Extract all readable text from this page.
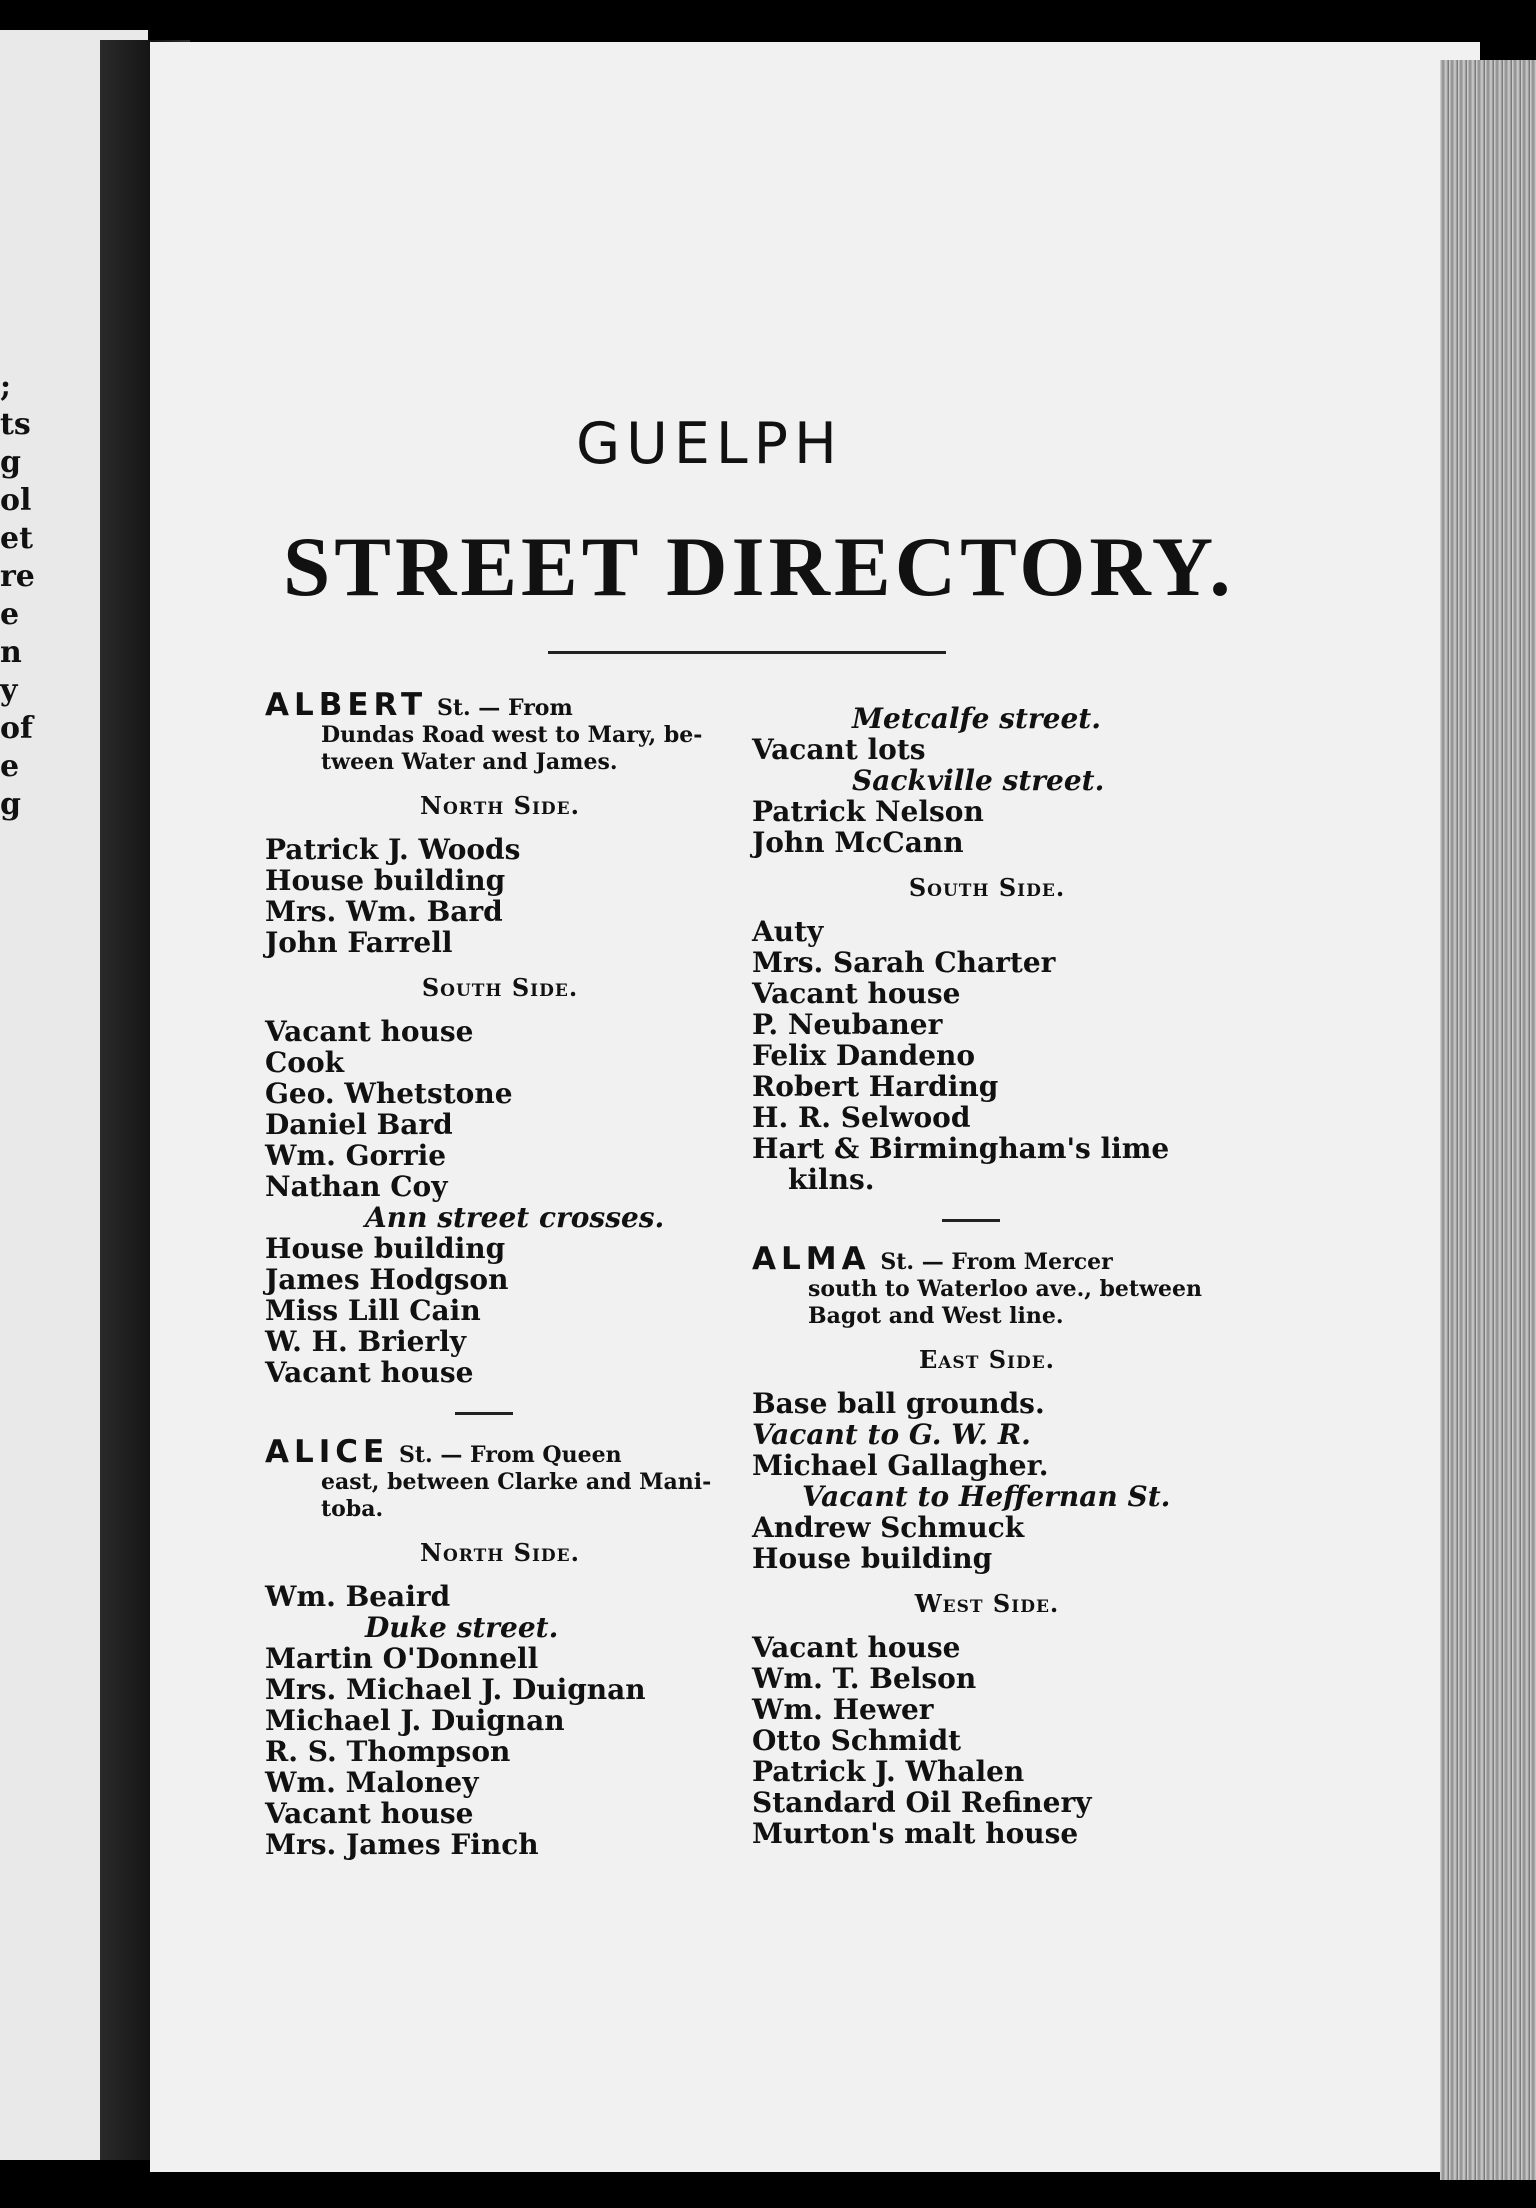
;
ts
g
ol
et
re
e
n
y
of
e
g
GUELPH
STREET DIRECTORY.
ALBERT St. — From
Dundas Road west to Mary, be-
tween Water and James.
North Side.
Patrick J. Woods
House building
Mrs. Wm. Bard
John Farrell
South Side.
Vacant house
Cook
Geo. Whetstone
Daniel Bard
Wm. Gorrie
Nathan Coy
Ann street crosses.
House building
James Hodgson
Miss Lill Cain
W. H. Brierly
Vacant house
ALICE St. — From Queen
east, between Clarke and Mani-
toba.
North Side.
Wm. Beaird
Duke street.
Martin O'Donnell
Mrs. Michael J. Duignan
Michael J. Duignan
R. S. Thompson
Wm. Maloney
Vacant house
Mrs. James Finch
Metcalfe street.
Vacant lots
Sackville street.
Patrick Nelson
John McCann
South Side.
Auty
Mrs. Sarah Charter
Vacant house
P. Neubaner
Felix Dandeno
Robert Harding
H. R. Selwood
Hart & Birmingham's lime
kilns.
ALMA St. — From Mercer
south to Waterloo ave., between
Bagot and West line.
East Side.
Base ball grounds.
Vacant to G. W. R.
Michael Gallagher.
Vacant to Heffernan St.
Andrew Schmuck
House building
West Side.
Vacant house
Wm. T. Belson
Wm. Hewer
Otto Schmidt
Patrick J. Whalen
Standard Oil Refinery
Murton's malt house
